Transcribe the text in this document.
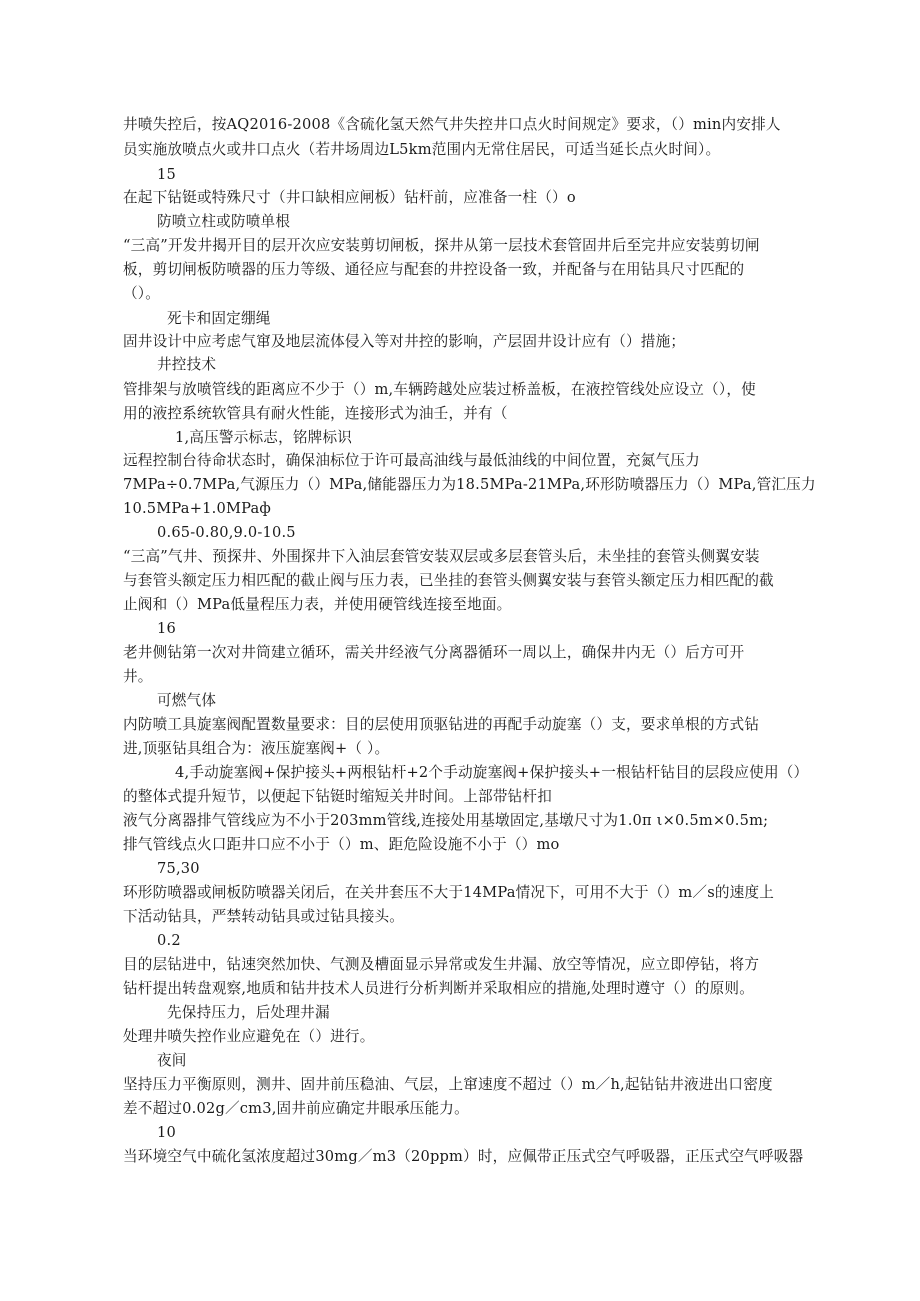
井喷失控后，按AQ2016-2008《含硫化氢天然气井失控井口点火时间规定》要求，（）min内安排人
员实施放喷点火或井口点火（若井场周边L5km范围内无常住居民，可适当延长点火时间）。
15
在起下钻铤或特殊尺寸（井口缺相应闸板）钻杆前，应准备一柱（）o
防喷立柱或防喷单根
“三高”开发井揭开目的层开次应安装剪切闸板，探井从第一层技术套管固井后至完井应安装剪切闸
板，剪切闸板防喷器的压力等级、通径应与配套的井控设备一致，并配备与在用钻具尺寸匹配的
（）。
死卡和固定绷绳
固井设计中应考虑气窜及地层流体侵入等对井控的影响，产层固井设计应有（）措施；
井控技术
管排架与放喷管线的距离应不少于（）m,车辆跨越处应装过桥盖板，在液控管线处应设立（），使
用的液控系统软管具有耐火性能，连接形式为油壬，并有（
1,高压警示标志，铭牌标识
远程控制台待命状态时，确保油标位于许可最高油线与最低油线的中间位置，充氮气压力
7MPa÷0.7MPa,气源压力（）MPa,储能器压力为18.5MPa-21MPa,环形防喷器压力（）MPa,管汇压力
10.5MPa+1.0MPaф
0.65-0.80,9.0-10.5
“三高”气井、预探井、外围探井下入油层套管安装双层或多层套管头后，未坐挂的套管头侧翼安装
与套管头额定压力相匹配的截止阀与压力表，已坐挂的套管头侧翼安装与套管头额定压力相匹配的截
止阀和（）MPa低量程压力表，并使用硬管线连接至地面。
16
老井侧钻第一次对井筒建立循环，需关井经液气分离器循环一周以上，确保井内无（）后方可开
井。
可燃气体
内防喷工具旋塞阀配置数量要求：目的层使用顶驱钻进的再配手动旋塞（）支，要求单根的方式钻
进,顶驱钻具组合为：液压旋塞阀+（ ）。
4,手动旋塞阀+保护接头+两根钻杆+2个手动旋塞阀+保护接头+一根钻杆钻目的层段应使用（）
的整体式提升短节，以便起下钻铤时缩短关井时间。上部带钻杆扣
液气分离器排气管线应为不小于203mm管线,连接处用基墩固定,基墩尺寸为1.0π ι×0.5m×0.5m;
排气管线点火口距井口应不小于（）m、距危险设施不小于（）mo
75,30
环形防喷器或闸板防喷器关闭后，在关井套压不大于14MPa情况下，可用不大于（）m／s的速度上
下活动钻具，严禁转动钻具或过钻具接头。
0.2
目的层钻进中，钻速突然加快、气测及槽面显示异常或发生井漏、放空等情况，应立即停钻，将方
钻杆提出转盘观察,地质和钻井技术人员进行分析判断并采取相应的措施,处理时遵守（）的原则。
先保持压力，后处理井漏
处理井喷失控作业应避免在（）进行。
夜间
坚持压力平衡原则，测井、固井前压稳油、气层，上窜速度不超过（）m／h,起钻钻井液进出口密度
差不超过0.02g／cm3,固井前应确定井眼承压能力。
10
当环境空气中硫化氢浓度超过30mg／m3（20ppm）时，应佩带正压式空气呼吸器，正压式空气呼吸器
